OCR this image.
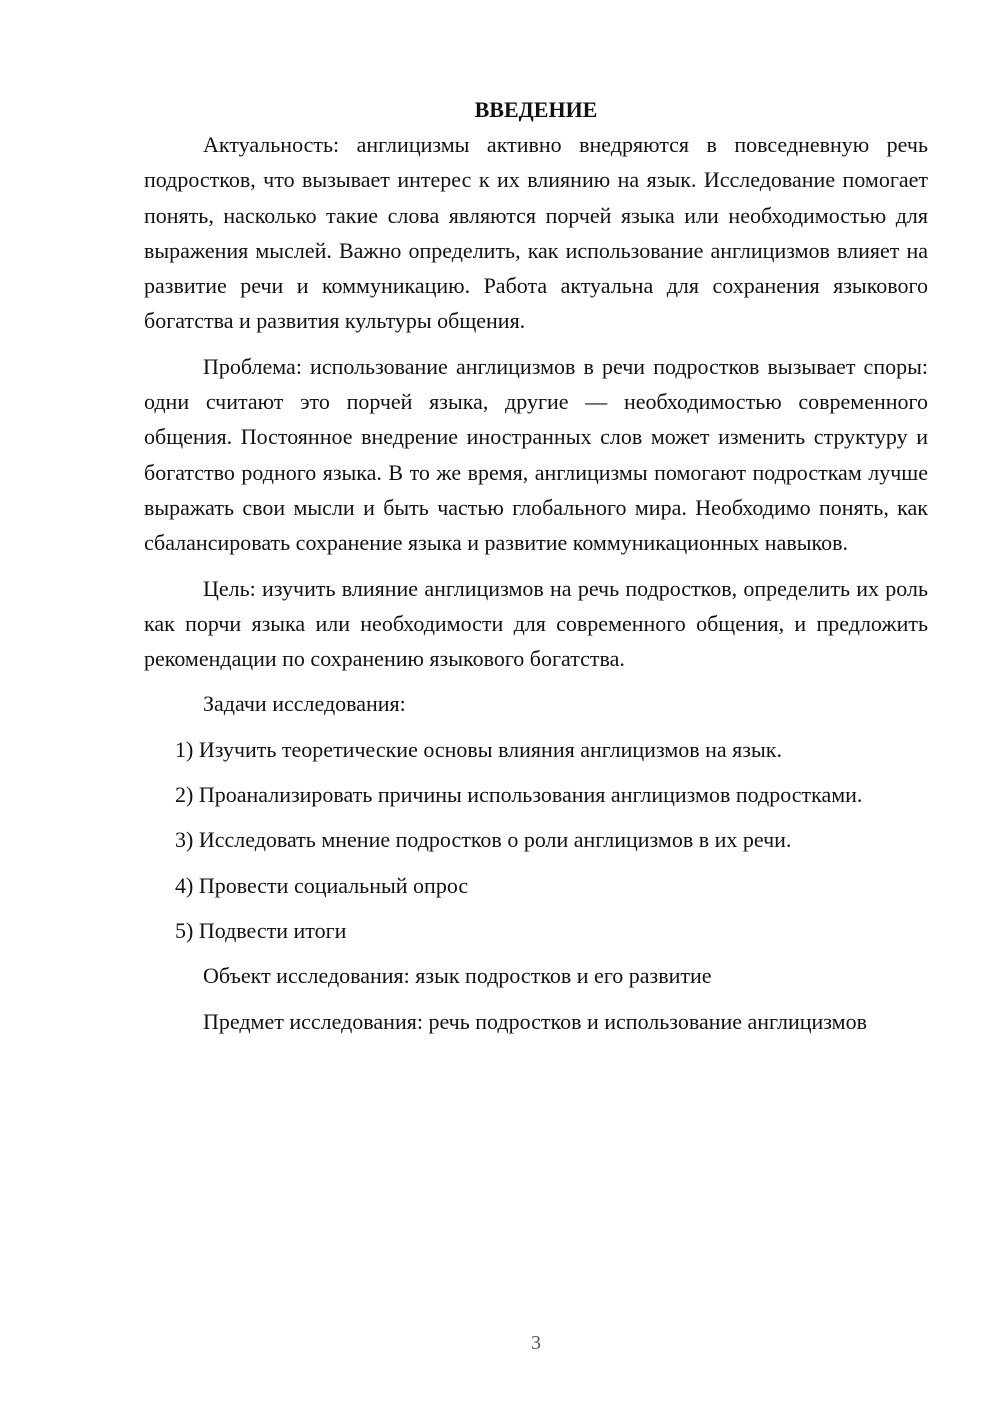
ВВЕДЕНИЕ

Актуальность: англицизмы активно внедряются в повседневную речь подростков, что вызывает интерес к их влиянию на язык. Исследование помогает понять, насколько такие слова являются порчей языка или необходимостью для выражения мыслей. Важно определить, как использование англицизмов влияет на развитие речи и коммуникацию. Работа актуальна для сохранения языкового богатства и развития культуры общения.

Проблема: использование англицизмов в речи подростков вызывает споры: одни считают это порчей языка, другие — необходимостью современного общения. Постоянное внедрение иностранных слов может изменить структуру и богатство родного языка. В то же время, англицизмы помогают подросткам лучше выражать свои мысли и быть частью глобального мира. Необходимо понять, как сбалансировать сохранение языка и развитие коммуникационных навыков.

Цель: изучить влияние англицизмов на речь подростков, определить их роль как порчи языка или необходимости для современного общения, и предложить рекомендации по сохранению языкового богатства.

Задачи исследования:

1) Изучить теоретические основы влияния англицизмов на язык.

2) Проанализировать причины использования англицизмов подростками.

3) Исследовать мнение подростков о роли англицизмов в их речи.

4) Провести социальный опрос

5) Подвести итоги

Объект исследования: язык подростков и его развитие

Предмет исследования: речь подростков и использование англицизмов

3
